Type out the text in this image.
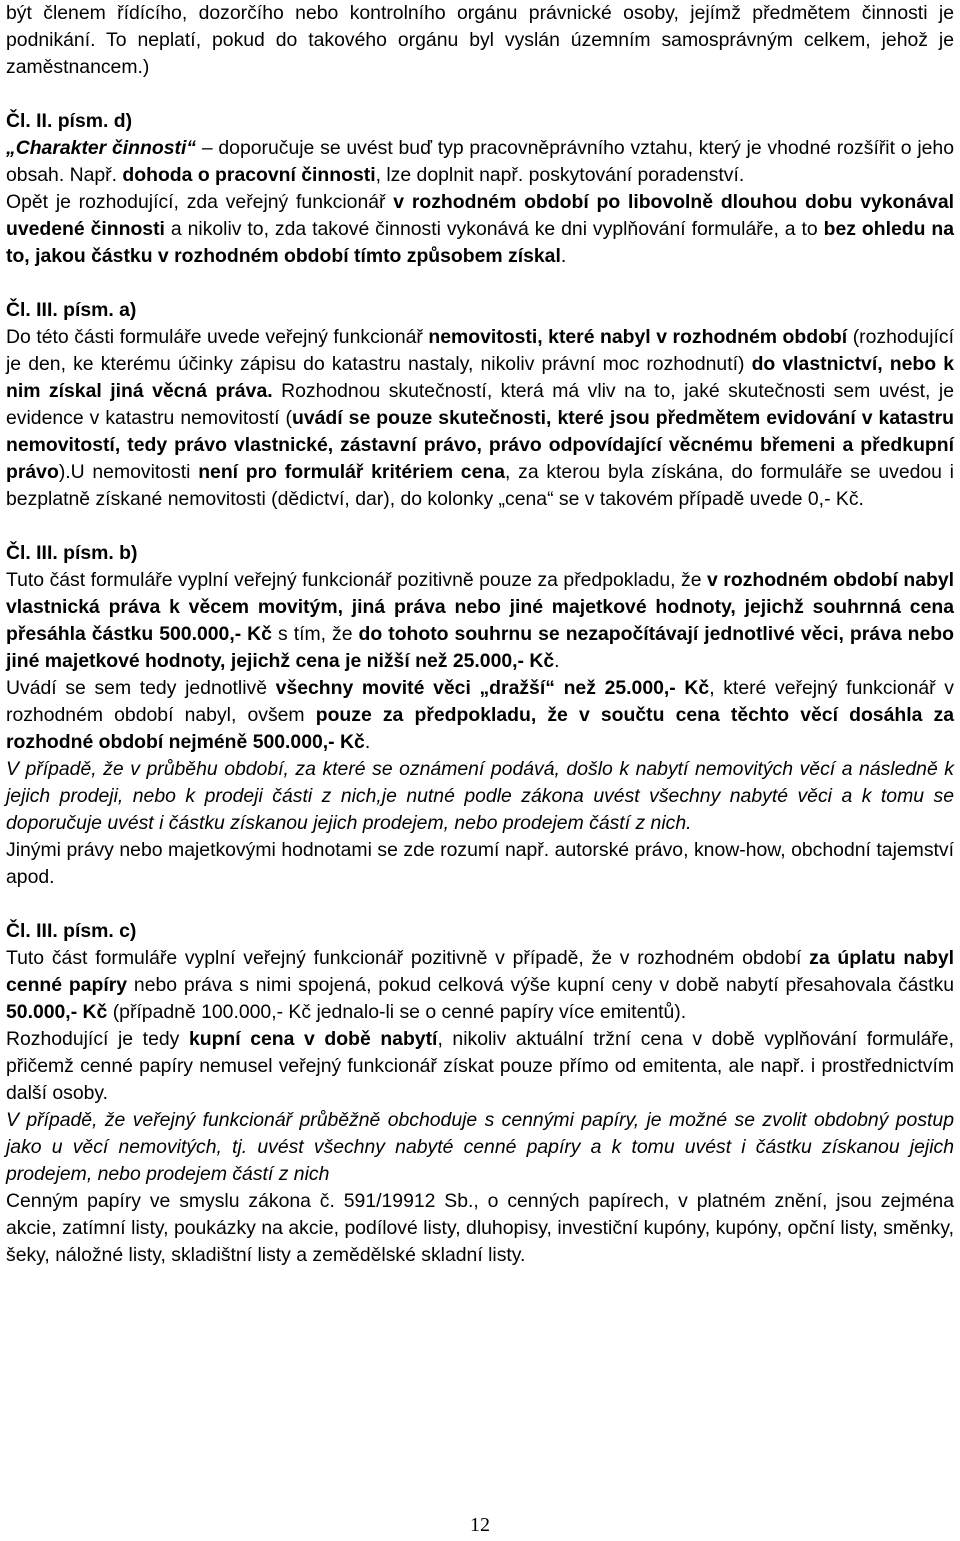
být členem řídícího, dozorčího nebo kontrolního orgánu právnické osoby, jejímž předmětem činnosti je podnikání. To neplatí, pokud do takového orgánu byl vyslán územním samosprávným celkem, jehož je zaměstnancem.)

Čl. II. písm. d)

„Charakter činnosti“ – doporučuje se uvést buď typ pracovněprávního vztahu, který je vhodné rozšířit o jeho obsah. Např. dohoda o pracovní činnosti, lze doplnit např. poskytování poradenství.

Opět je rozhodující, zda veřejný funkcionář v rozhodném období po libovolně dlouhou dobu vykonával uvedené činnosti a nikoliv to, zda takové činnosti vykonává ke dni vyplňování formuláře, a to bez ohledu na to, jakou částku v rozhodném období tímto způsobem získal.

Čl. III. písm. a)

Do této části formuláře uvede veřejný funkcionář nemovitosti, které nabyl v rozhodném období (rozhodující je den, ke kterému účinky zápisu do katastru nastaly, nikoliv právní moc rozhodnutí) do vlastnictví, nebo k nim získal jiná věcná práva. Rozhodnou skutečností, která má vliv na to, jaké skutečnosti sem uvést, je evidence v katastru nemovitostí (uvádí se pouze skutečnosti, které jsou předmětem evidování v katastru nemovitostí, tedy právo vlastnické, zástavní právo, právo odpovídající věcnému břemeni a předkupní právo).U nemovitosti není pro formulář kritériem cena, za kterou byla získána, do formuláře se uvedou i bezplatně získané nemovitosti (dědictví, dar), do kolonky „cena“ se v takovém případě uvede 0,- Kč.

Čl. III. písm. b)

Tuto část formuláře vyplní veřejný funkcionář pozitivně pouze za předpokladu, že v rozhodném období nabyl vlastnická práva k věcem movitým, jiná práva nebo jiné majetkové hodnoty, jejichž souhrnná cena přesáhla částku 500.000,- Kč s tím, že do tohoto souhrnu se nezapočítávají jednotlivé věci, práva nebo jiné majetkové hodnoty, jejichž cena je nižší než 25.000,- Kč.

Uvádí se sem tedy jednotlivě všechny movité věci „dražší“ než 25.000,- Kč, které veřejný funkcionář v rozhodném období nabyl, ovšem pouze za předpokladu, že v součtu cena těchto věcí dosáhla za rozhodné období nejméně 500.000,- Kč.

V případě, že v průběhu období, za které se oznámení podává, došlo k nabytí nemovitých věcí a následně k jejich prodeji, nebo k prodeji části z nich,je nutné podle zákona uvést všechny nabyté věci a k tomu se doporučuje uvést i částku získanou jejich prodejem, nebo prodejem částí z nich.

Jinými právy nebo majetkovými hodnotami se zde rozumí např. autorské právo, know-how, obchodní tajemství apod.

Čl. III. písm. c)

Tuto část formuláře vyplní veřejný funkcionář pozitivně v případě, že v rozhodném období za úplatu nabyl cenné papíry nebo práva s nimi spojená, pokud celková výše kupní ceny v době nabytí přesahovala částku 50.000,- Kč (případně 100.000,- Kč jednalo-li se o cenné papíry více emitentů).

Rozhodující je tedy kupní cena v době nabytí, nikoliv aktuální tržní cena v době vyplňování formuláře, přičemž cenné papíry nemusel veřejný funkcionář získat pouze přímo od emitenta, ale např. i prostřednictvím další osoby.

V případě, že veřejný funkcionář průběžně obchoduje s cennými papíry, je možné se zvolit obdobný postup jako u věcí nemovitých, tj. uvést všechny nabyté cenné papíry a k tomu uvést i částku získanou jejich prodejem, nebo prodejem částí z nich

Cenným papíry ve smyslu zákona č. 591/19912 Sb., o cenných papírech, v platném znění, jsou zejména akcie, zatímní listy, poukázky na akcie, podílové listy, dluhopisy, investiční kupóny, kupóny, opční listy, směnky, šeky, náložné listy, skladištní listy a zemědělské skladní listy.

12
